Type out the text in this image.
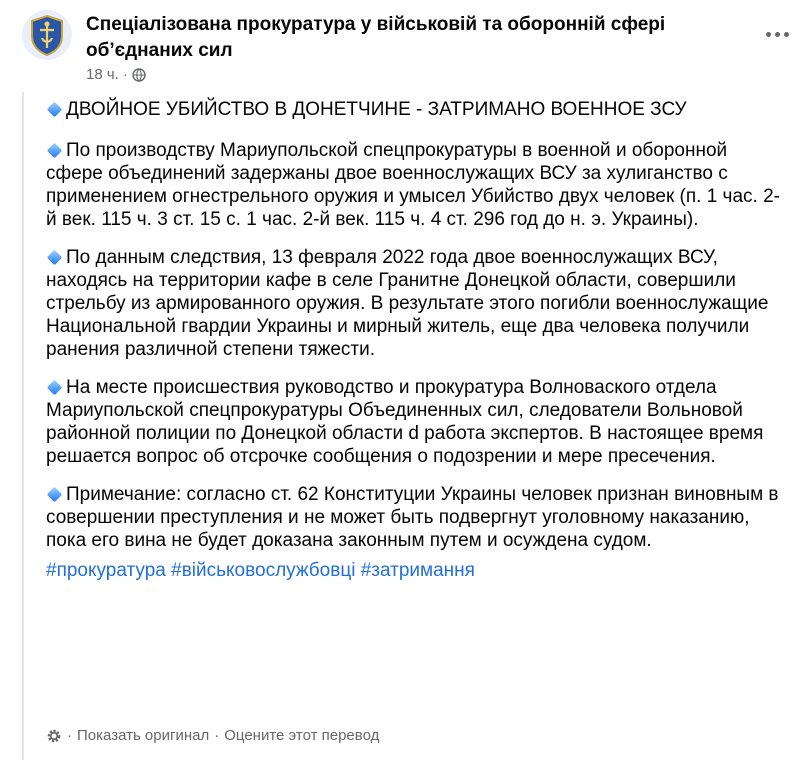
Спеціалізована прокуратура у військовій та оборонній сфері об’єднаних сил
18 ч. ·

ДВОЙНОЕ УБИЙСТВО В ДОНЕТЧИНЕ - ЗАТРИМАНО ВОЕННОЕ ЗСУ

По производству Мариупольской спецпрокуратуры в военной и оборонной сфере объединений задержаны двое военнослужащих ВСУ за хулиганство с применением огнестрельного оружия и умысел Убийство двух человек (п. 1 час. 2-й век. 115 ч. 3 ст. 15 с. 1 час. 2-й век. 115 ч. 4 ст. 296 год до н. э. Украины).

По данным следствия, 13 февраля 2022 года двое военнослужащих ВСУ, находясь на территории кафе в селе Гранитне Донецкой области, совершили стрельбу из армированного оружия. В результате этого погибли военнослужащие Национальной гвардии Украины и мирный житель, еще два человека получили ранения различной степени тяжести.

На месте происшествия руководство и прокуратура Волноваского отдела Мариупольской спецпрокуратуры Объединенных сил, следователи Вольновой районной полиции по Донецкой области d работа экспертов. В настоящее время решается вопрос об отсрочке сообщения о подозрении и мере пресечения.

Примечание: согласно ст. 62 Конституции Украины человек признан виновным в совершении преступления и не может быть подвергнут уголовному наказанию, пока его вина не будет доказана законным путем и осуждена судом.

#прокуратура #військовослужбовці #затримання
· Показать оригинал · Оцените этот перевод
